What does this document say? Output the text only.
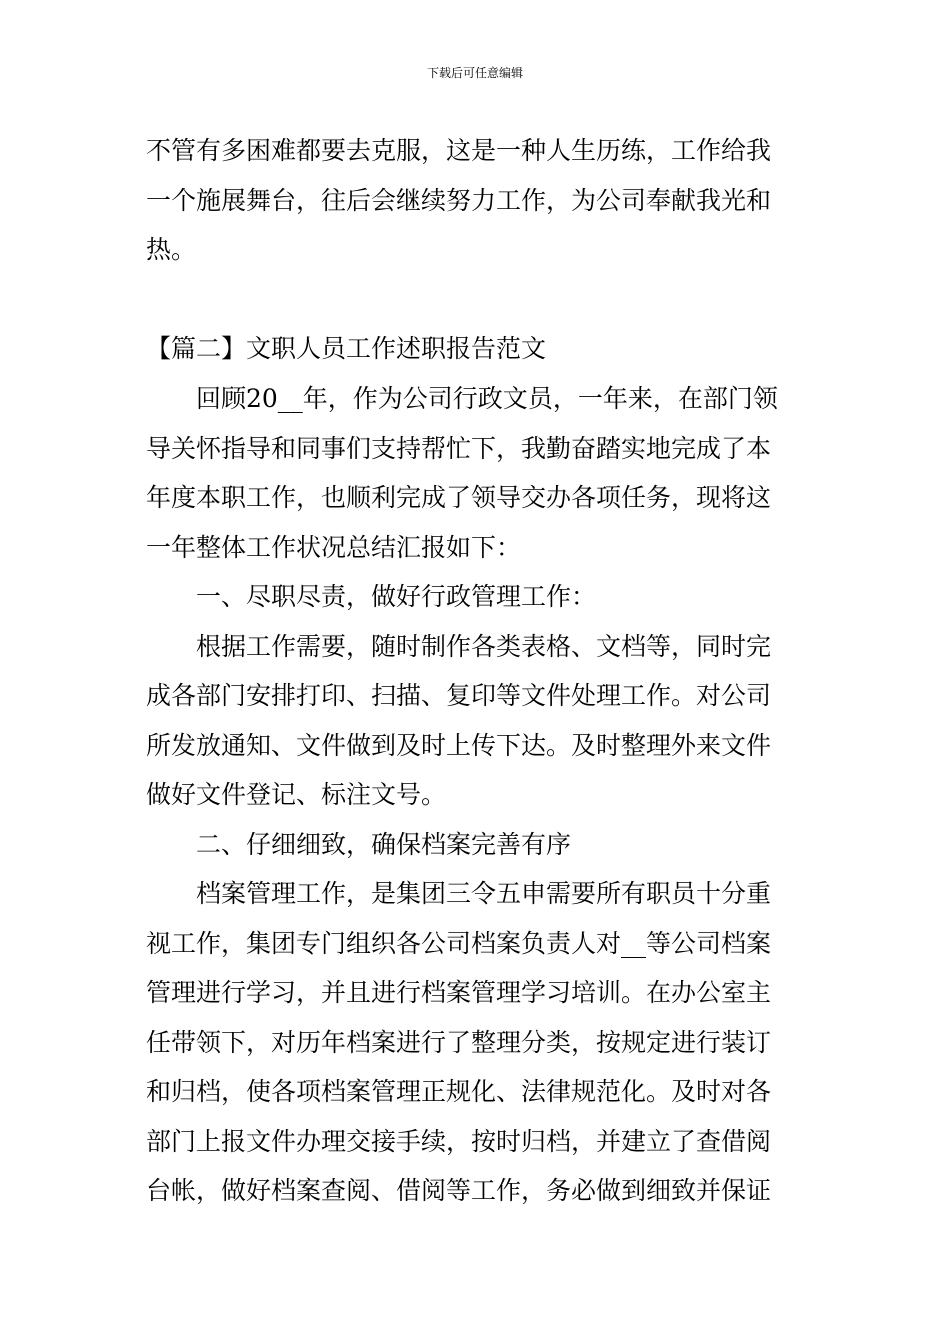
下载后可任意编辑
不管有多困难都要去克服，这是一种人生历练，工作给我
一个施展舞台，往后会继续努力工作，为公司奉献我光和
热。
【篇二】文职人员工作述职报告范文
回顾20__年，作为公司行政文员，一年来，在部门领
导关怀指导和同事们支持帮忙下，我勤奋踏实地完成了本
年度本职工作，也顺利完成了领导交办各项任务，现将这
一年整体工作状况总结汇报如下：
一、尽职尽责，做好行政管理工作：
根据工作需要，随时制作各类表格、文档等，同时完
成各部门安排打印、扫描、复印等文件处理工作。对公司
所发放通知、文件做到及时上传下达。及时整理外来文件
做好文件登记、标注文号。
二、仔细细致，确保档案完善有序
档案管理工作，是集团三令五申需要所有职员十分重
视工作，集团专门组织各公司档案负责人对__等公司档案
管理进行学习，并且进行档案管理学习培训。在办公室主
任带领下，对历年档案进行了整理分类，按规定进行装订
和归档，使各项档案管理正规化、法律规范化。及时对各
部门上报文件办理交接手续，按时归档，并建立了查借阅
台帐，做好档案查阅、借阅等工作，务必做到细致并保证
